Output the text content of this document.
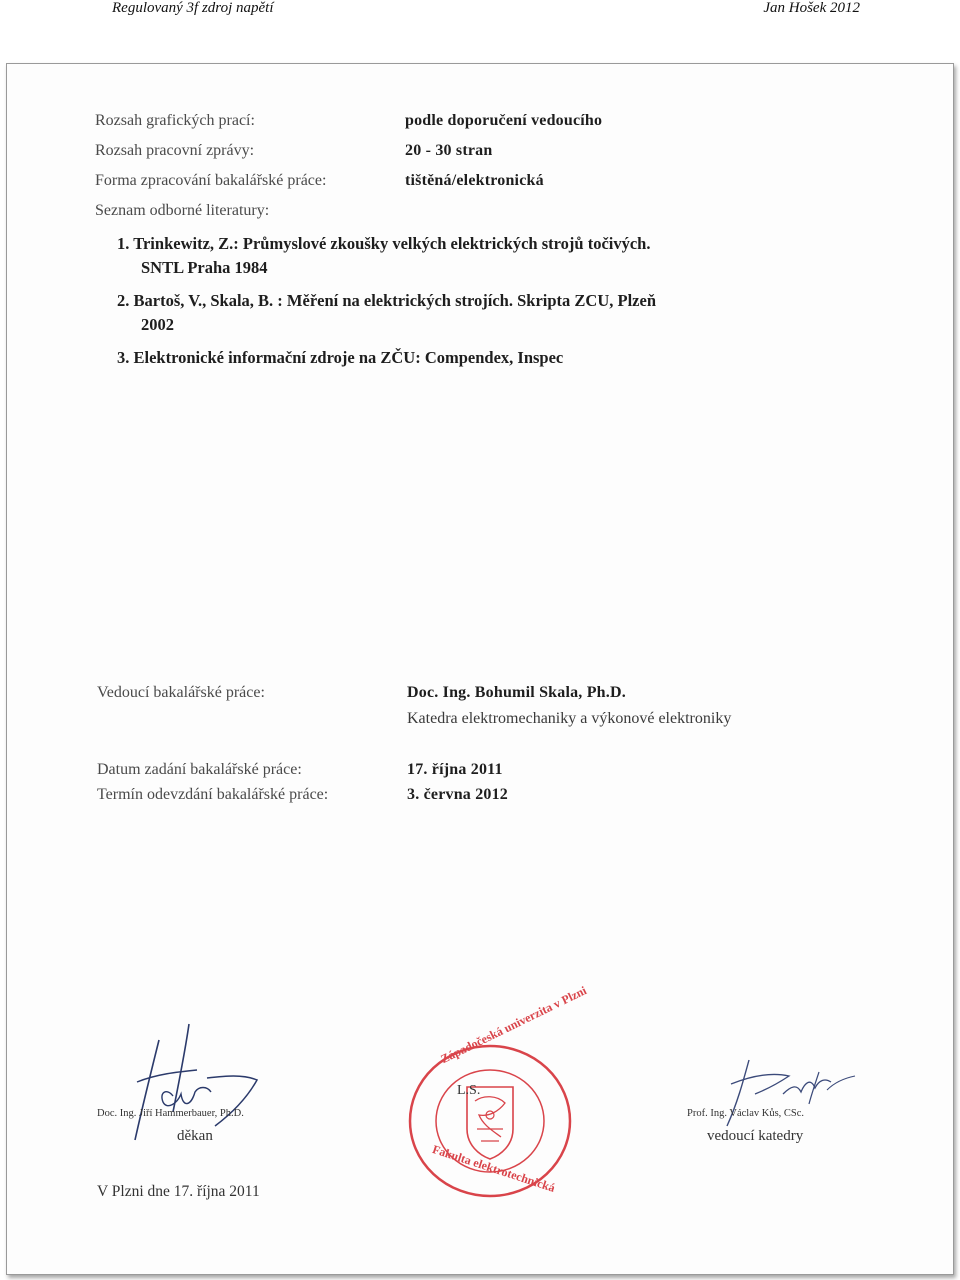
Regulovaný 3f zdroj napětí	Jan Hošek 2012
Rozsah grafických prací:	podle doporučení vedoucího
Rozsah pracovní zprávy:	20 - 30 stran
Forma zpracování bakalářské práce:	tištěná/elektronická
Seznam odborné literatury:
1. Trinkewitz, Z.: Průmyslové zkoušky velkých elektrických strojů točivých.
SNTL Praha 1984
2. Bartoš, V., Skala, B. : Měření na elektrických strojích. Skripta ZCU, Plzeň
2002
3. Elektronické informační zdroje na ZČU: Compendex, Inspec
Vedoucí bakalářské práce:	Doc. Ing. Bohumil Skala, Ph.D.
Katedra elektromechaniky a výkonové elektroniky
Datum zadání bakalářské práce:	17. října 2011
Termín odevzdání bakalářské práce:	3. června 2012
Doc. Ing. Jiří Hammerbauer, Ph.D.
děkan
L.S.
Západočeská univerzita v Plzni
Fakulta elektrotechnická
Prof. Ing. Václav Kůs, CSc.
vedoucí katedry
V Plzni dne 17. října 2011
